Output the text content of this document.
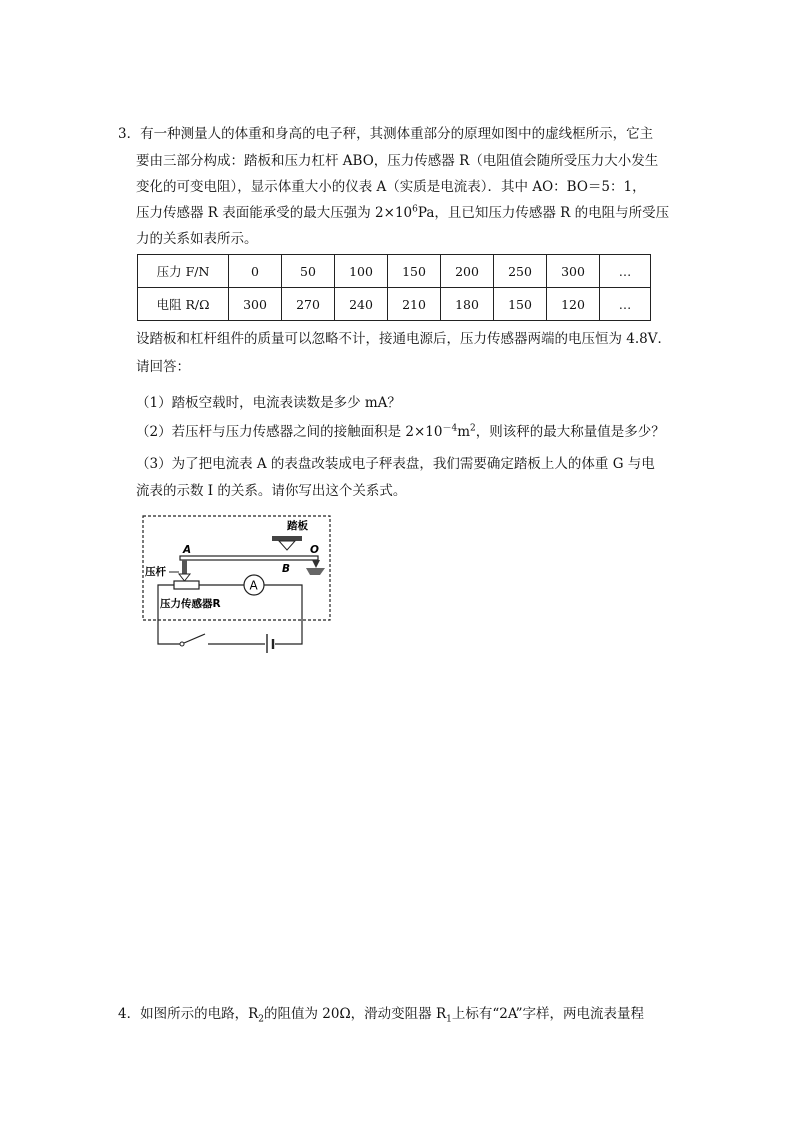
3．有一种测量人的体重和身高的电子秤，其测体重部分的原理如图中的虚线框所示，它主
要由三部分构成：踏板和压力杠杆 ABO，压力传感器 R（电阻值会随所受压力大小发生
变化的可变电阻），显示体重大小的仪表 A（实质是电流表）．其中 AO：BO＝5：1，
压力传感器 R 表面能承受的最大压强为 $2\times 10^6Pa$，且已知压力传感器 R 的电阻与所受压
力的关系如表所示。
压力 F/N	0	50	100	150	200	250	300	…
电阻 R/Ω	300	270	240	210	180	150	120	…
设踏板和杠杆组件的质量可以忽略不计，接通电源后，压力传感器两端的电压恒为 4.8V．
请回答：
（1）踏板空载时，电流表读数是多少 mA？
（2）若压杆与压力传感器之间的接触面积是 $2\times 10^{-4}m^2$，则该秤的最大称量值是多少？
（3）为了把电流表 A 的表盘改装成电子秤表盘，我们需要确定踏板上人的体重 G 与电
流表的示数 I 的关系。请你写出这个关系式。
踏板
A	O
B
压杆
压力传感器R
A
4．如图所示的电路，$R_2$的阻值为 20Ω，滑动变阻器 $R_1$上标有“2A”字样，两电流表量程
